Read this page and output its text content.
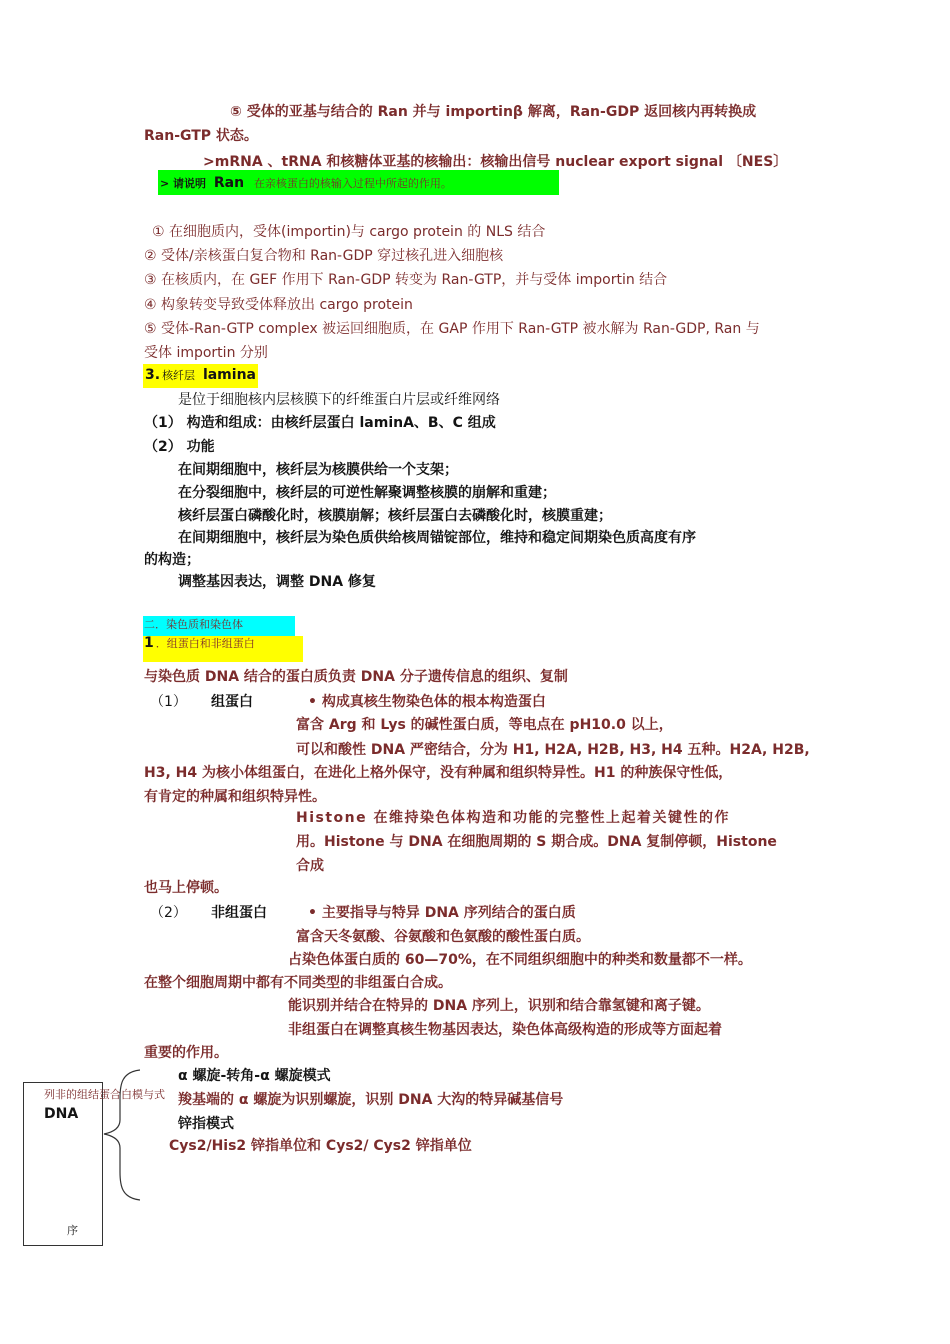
⑤ 受体的亚基与结合的 Ran 并与 importinβ 解离，Ran-GDP 返回核内再转换成
Ran-GTP 状态。
>mRNA 、tRNA 和核糖体亚基的核输出：核输出信号 nuclear export signal 〔NES〕
> 请说明 Ran 在亲核蛋白的核输入过程中所起的作用。
① 在细胞质内，受体(importin)与 cargo protein 的 NLS 结合
② 受体/亲核蛋白复合物和 Ran-GDP 穿过核孔进入细胞核
③ 在核质内，在 GEF 作用下 Ran-GDP 转变为 Ran-GTP，并与受体 importin 结合
④ 构象转变导致受体释放出 cargo protein
⑤ 受体-Ran-GTP complex 被运回细胞质，在 GAP 作用下 Ran-GTP 被水解为 Ran-GDP, Ran 与
受体 importin 分别
3. 核纤层 lamina
是位于细胞核内层核膜下的纤维蛋白片层或纤维网络
（1） 构造和组成：由核纤层蛋白 laminA、B、C 组成
（2） 功能
在间期细胞中，核纤层为核膜供给一个支架；
在分裂细胞中，核纤层的可逆性解聚调整核膜的崩解和重建；
核纤层蛋白磷酸化时，核膜崩解；核纤层蛋白去磷酸化时，核膜重建；
在间期细胞中，核纤层为染色质供给核周锚锭部位，维持和稳定间期染色质高度有序
的构造；
调整基因表达，调整 DNA 修复
二．染色质和染色体
1 ．组蛋白和非组蛋白
与染色质 DNA 结合的蛋白质负责 DNA 分子遗传信息的组织、复制
（1） 组蛋白	• 构成真核生物染色体的根本构造蛋白
富含 Arg 和 Lys 的碱性蛋白质，等电点在 pH10.0 以上，
可以和酸性 DNA 严密结合，分为 H1, H2A, H2B, H3, H4 五种。H2A, H2B,
H3, H4 为核小体组蛋白，在进化上格外保守，没有种属和组织特异性。H1 的种族保守性低，
有肯定的种属和组织特异性。
Histone 在维持染色体构造和功能的完整性上起着关键性的作
用。Histone 与 DNA 在细胞周期的 S 期合成。DNA 复制停顿，Histone
合成
也马上停顿。
（2） 非组蛋白	• 主要指导与特异 DNA 序列结合的蛋白质
富含天冬氨酸、谷氨酸和色氨酸的酸性蛋白质。
占染色体蛋白质的 60—70%，在不同组织细胞中的种类和数量都不一样。
在整个细胞周期中都有不同类型的非组蛋白合成。
能识别并结合在特异的 DNA 序列上，识别和结合靠氢键和离子键。
非组蛋白在调整真核生物基因表达，染色体高级构造的形成等方面起着
重要的作用。
α 螺旋-转角-α 螺旋模式
羧基端的 α 螺旋为识别螺旋，识别 DNA 大沟的特异碱基信号
锌指模式
Cys2/His2 锌指单位和 Cys2/ Cys2 锌指单位
列非的组结蛋合白模与式
DNA
序
